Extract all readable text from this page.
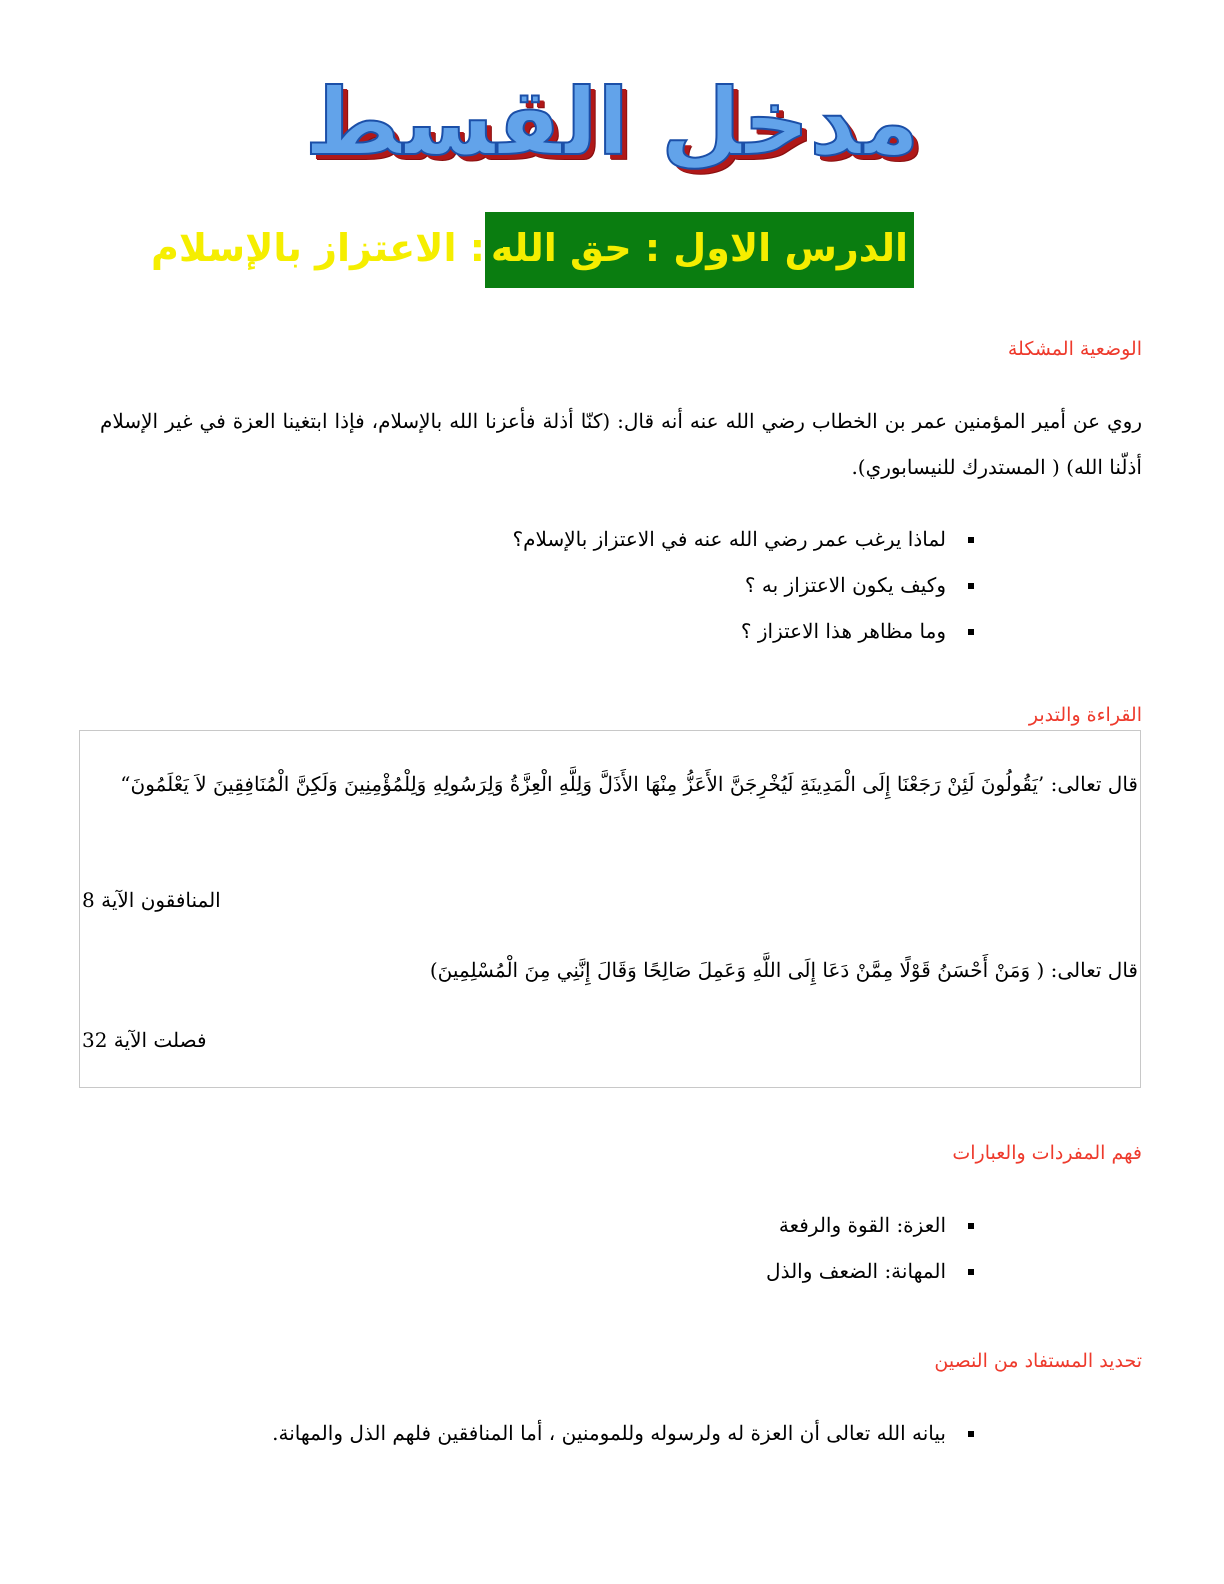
مدخل القسط
الدرس الاول : حق الله: الاعتزاز بالإسلام
الوضعية المشكلة
روي عن أمير المؤمنين عمر بن الخطاب رضي الله عنه أنه قال: (كنّا أذلة فأعزنا الله بالإسلام، فإذا ابتغينا العزة في غير الإسلام أذلّنا الله) ( المستدرك للنيسابوري).
لماذا يرغب عمر رضي الله عنه في الاعتزاز بالإسلام؟
وكيف يكون الاعتزاز به ؟
وما مظاهر هذا الاعتزاز ؟
القراءة والتدبر
قال تعالى: ’يَقُولُونَ لَئِنْ رَجَعْنَا إِلَى الْمَدِينَةِ لَيُخْرِجَنَّ الأَعَزُّ مِنْهَا الأَذَلَّ وَلِلَّهِ الْعِزَّةُ وَلِرَسُولِهِ وَلِلْمُؤْمِنِينَ وَلَكِنَّ الْمُنَافِقِينَ لاَ يَعْلَمُونَ“
المنافقون الآية 8
قال تعالى: ( وَمَنْ أَحْسَنُ قَوْلًا مِمَّنْ دَعَا إِلَى اللَّهِ وَعَمِلَ صَالِحًا وَقَالَ إِنَّنِي مِنَ الْمُسْلِمِينَ)
فصلت الآية 32
فهم المفردات والعبارات
العزة: القوة والرفعة
المهانة: الضعف والذل
تحديد المستفاد من النصين
بيانه الله تعالى أن العزة له ولرسوله وللمومنين ، أما المنافقين فلهم الذل والمهانة.
